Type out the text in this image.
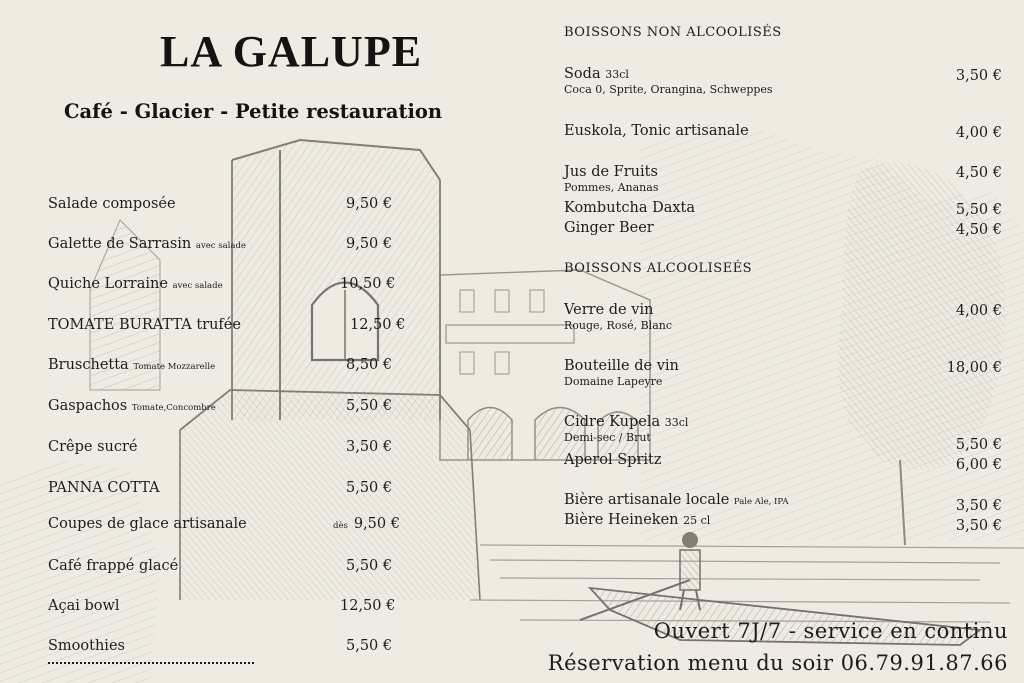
LA GALUPE
Café - Glacier - Petite restauration
Salade composée	9,50 €
Galette de Sarrasin avec salade	9,50 €
Quiche Lorraine avec salade	10,50 €
TOMATE BURATTA trufée	12,50 €
Bruschetta Tomate Mozzarelle	8,50 €
Gaspachos Tomate,Concombre	5,50 €
Crêpe sucré	3,50 €
PANNA COTTA	5,50 €
Coupes de glace artisanale	dès 9,50 €
Café frappé glacé	5,50 €
Açai bowl	12,50 €
Smoothies	5,50 €
BOISSONS NON ALCOOLISÉS
Soda 33cl
Coca 0, Sprite, Orangina, Schweppes
3,50 €
Euskola, Tonic artisanale	4,00 €
Jus de Fruits
Pommes, Ananas
4,50 €
Kombutcha Daxta	5,50 €
Ginger Beer	4,50 €
BOISSONS ALCOOLISEÉS
Verre de vin
Rouge, Rosé, Blanc
4,00 €
Bouteille de vin
Domaine Lapeyre
18,00 €
Cidre Kupela 33cl
Demi-sec / Brut	5,50 €
Aperol Spritz	6,00 €
Bière artisanale locale Pale Ale, IPA	3,50 €
Bière Heineken 25 cl	3,50 €

Ouvert 7J/7 - service en continu

Réservation menu du soir 06.79.91.87.66
